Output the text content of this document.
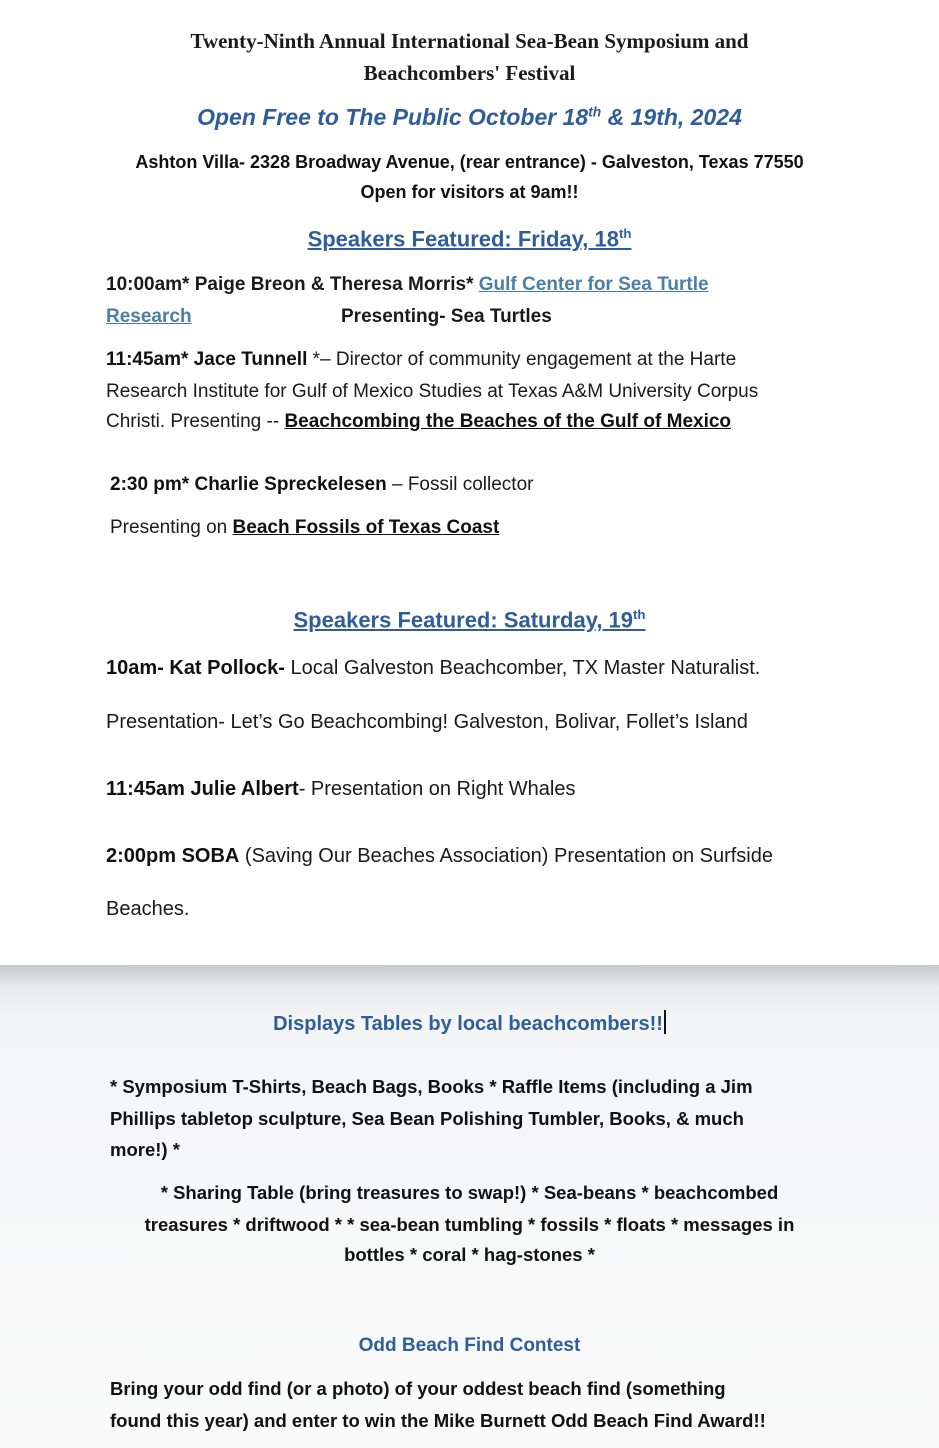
Twenty-Ninth Annual International Sea-Bean Symposium and

Beachcombers' Festival

Open Free to The Public October 18th & 19th, 2024

Ashton Villa- 2328 Broadway Avenue, (rear entrance) - Galveston, Texas 77550

Open for visitors at 9am!!

Speakers Featured: Friday, 18th

10:00am* Paige Breon & Theresa Morris* Gulf Center for Sea Turtle

Research	Presenting- Sea Turtles

11:45am* Jace Tunnell *– Director of community engagement at the Harte

Research Institute for Gulf of Mexico Studies at Texas A&M University Corpus

Christi. Presenting -- Beachcombing the Beaches of the Gulf of Mexico

2:30 pm* Charlie Spreckelesen – Fossil collector

Presenting on Beach Fossils of Texas Coast

Speakers Featured: Saturday, 19th

10am- Kat Pollock- Local Galveston Beachcomber, TX Master Naturalist.

Presentation- Let’s Go Beachcombing! Galveston, Bolivar, Follet’s Island

11:45am Julie Albert- Presentation on Right Whales

2:00pm SOBA (Saving Our Beaches Association) Presentation on Surfside

Beaches.

Displays Tables by local beachcombers!!

* Symposium T-Shirts, Beach Bags, Books * Raffle Items (including a Jim

Phillips tabletop sculpture, Sea Bean Polishing Tumbler, Books, & much

more!) *

* Sharing Table (bring treasures to swap!) * Sea-beans * beachcombed

treasures * driftwood * * sea-bean tumbling * fossils * floats * messages in

bottles * coral * hag-stones *

Odd Beach Find Contest

Bring your odd find (or a photo) of your oddest beach find (something

found this year) and enter to win the Mike Burnett Odd Beach Find Award!!
